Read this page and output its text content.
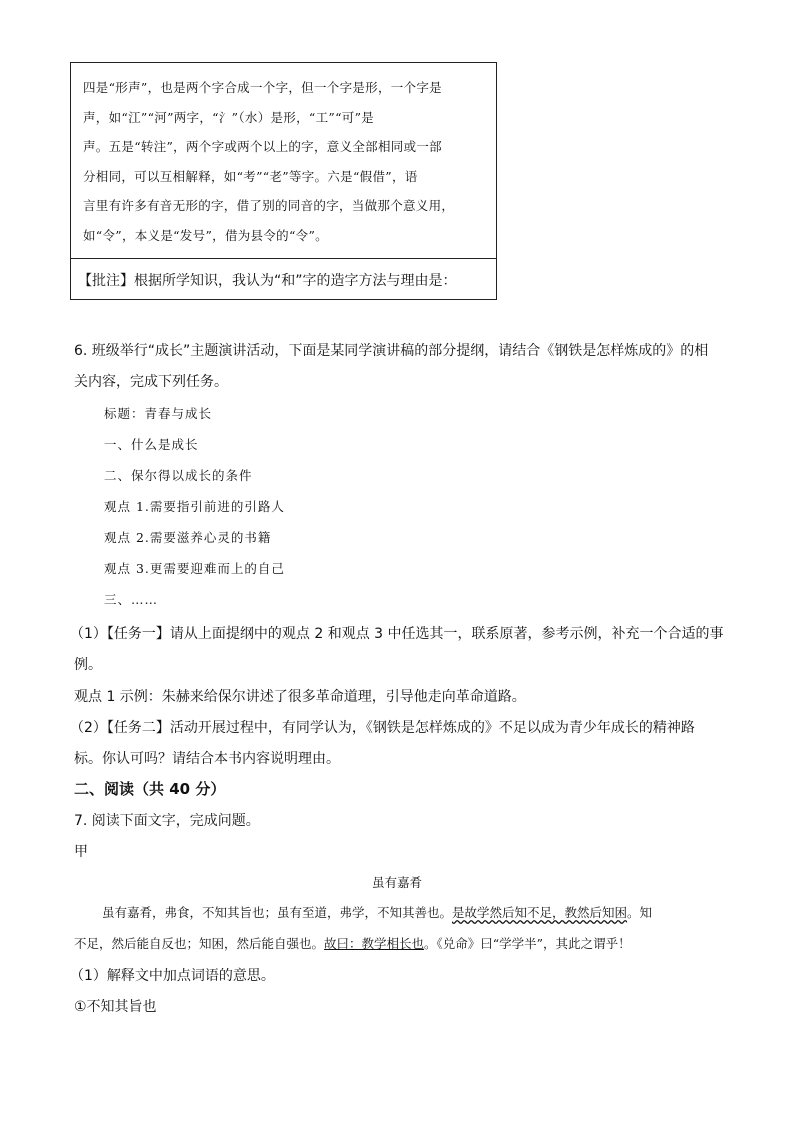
四是“形声”，也是两个字合成一个字，但一个字是形，一个字是
声，如“江”“河”两字，“氵”（水）是形，“工”“可”是
声。五是“转注”，两个字或两个以上的字，意义全部相同或一部
分相同，可以互相解释，如“考”“老”等字。六是“假借”，语
言里有许多有音无形的字，借了别的同音的字，当做那个意义用，
如“令”，本义是“发号”，借为县令的“令”。
【批注】根据所学知识，我认为“和”字的造字方法与理由是：
6. 班级举行“成长”主题演讲活动，下面是某同学演讲稿的部分提纲，请结合《钢铁是怎样炼成的》的相
关内容，完成下列任务。
标题：青春与成长
一、什么是成长
二、保尔得以成长的条件
观点 1.需要指引前进的引路人
观点 2.需要滋养心灵的书籍
观点 3.更需要迎难而上的自己
三、……
（1）【任务一】请从上面提纲中的观点 2 和观点 3 中任选其一，联系原著，参考示例，补充一个合适的事
例。
观点 1 示例：朱赫来给保尔讲述了很多革命道理，引导他走向革命道路。
（2）【任务二】活动开展过程中，有同学认为，《钢铁是怎样炼成的》不足以成为青少年成长的精神路
标。你认可吗？请结合本书内容说明理由。
二、阅读（共 40 分）
7. 阅读下面文字，完成问题。
甲
虽有嘉肴
虽有嘉肴，弗食，不知其旨也；虽有至道，弗学，不知其善也。是故学然后知不足，教然后知困。知
不足，然后能自反也；知困，然后能自强也。故曰：教学相长也。《兑命》曰“学学半”，其此之谓乎！
（1）解释文中加点词语的意思。
①不知其旨也
